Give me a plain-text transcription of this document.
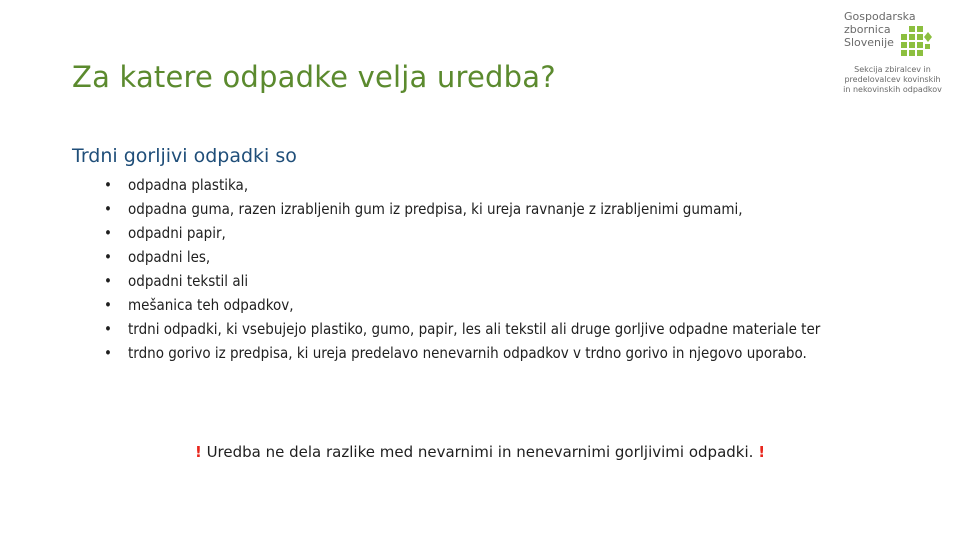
Za katere odpadke velja uredba?
Gospodarska
zbornica
Slovenije
Sekcija zbiralcev in
predelovalcev kovinskih
in nekovinskih odpadkov
Trdni gorljivi odpadki so
• odpadna plastika,
• odpadna guma, razen izrabljenih gum iz predpisa, ki ureja ravnanje z izrabljenimi gumami,
• odpadni papir,
• odpadni les,
• odpadni tekstil ali
• mešanica teh odpadkov,
• trdni odpadki, ki vsebujejo plastiko, gumo, papir, les ali tekstil ali druge gorljive odpadne materiale ter
• trdno gorivo iz predpisa, ki ureja predelavo nenevarnih odpadkov v trdno gorivo in njegovo uporabo.
! Uredba ne dela razlike med nevarnimi in nenevarnimi gorljivimi odpadki. !
